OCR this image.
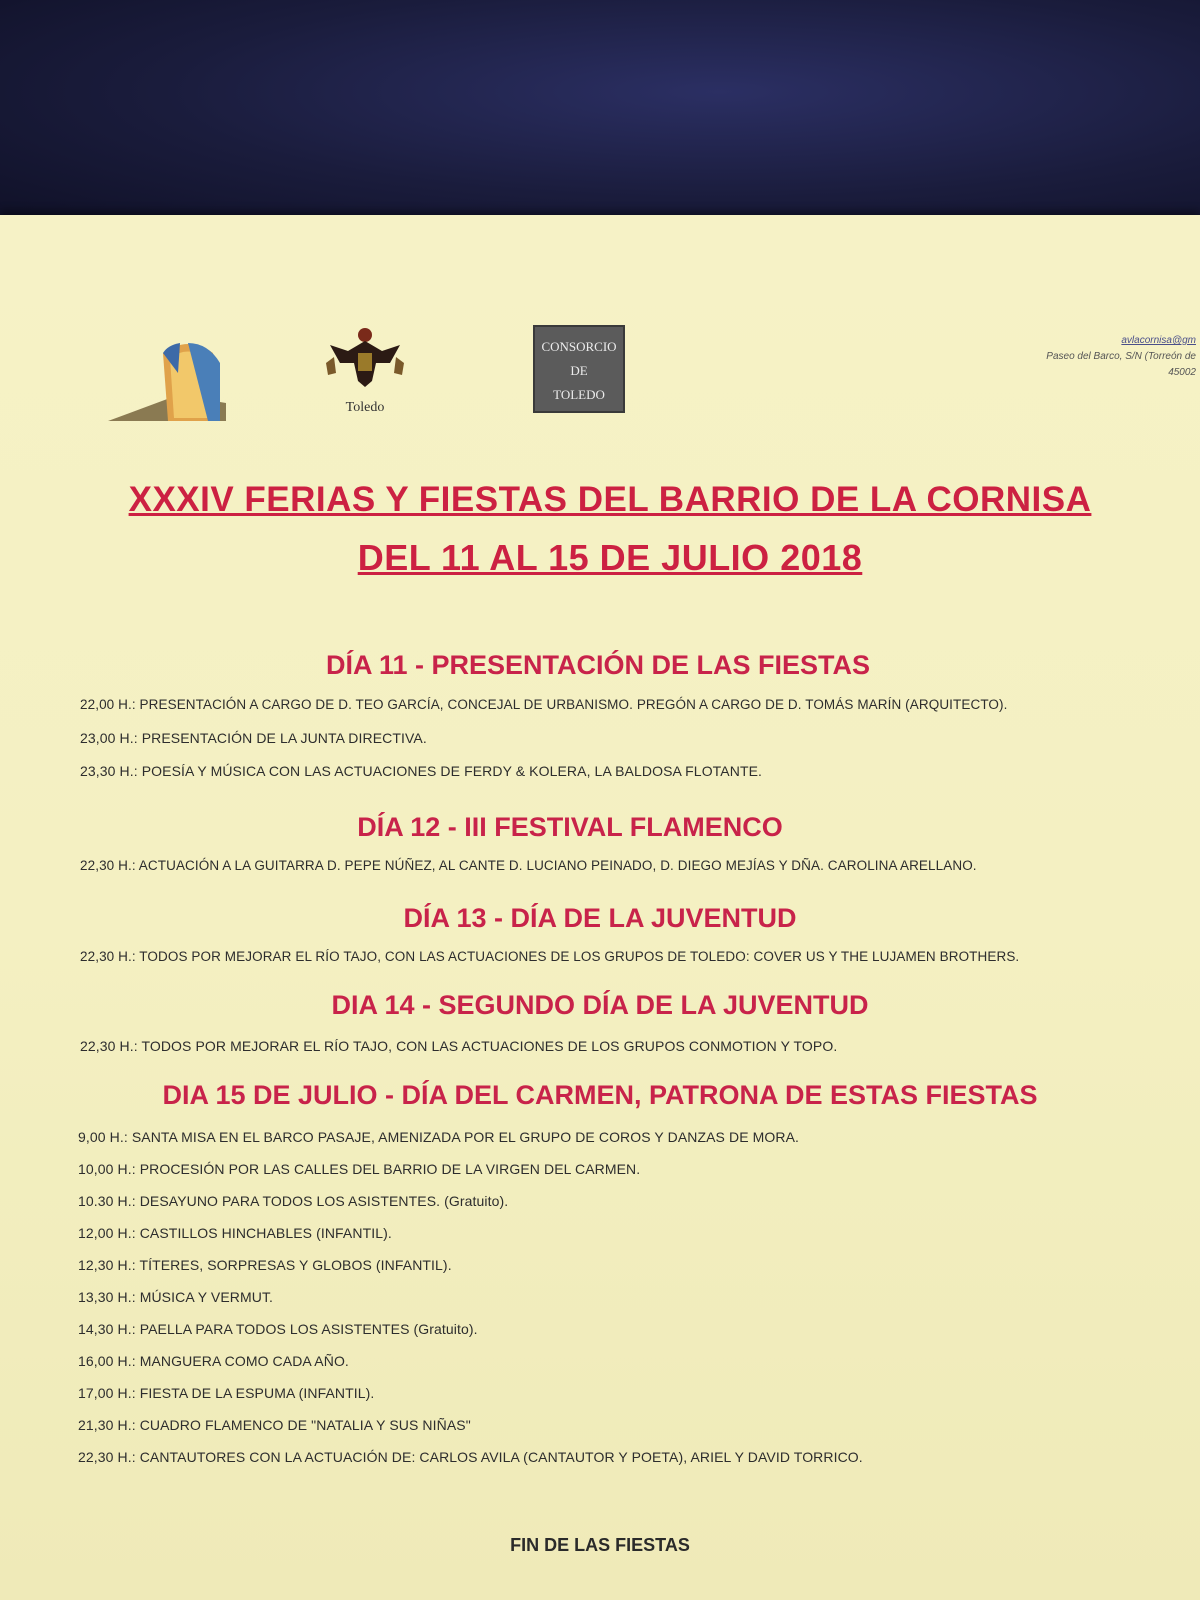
Toledo
CONSORCIO
DE
TOLEDO
avlacornisa@gm
Paseo del Barco, S/N (Torreón de
45002
XXXIV FERIAS Y FIESTAS DEL BARRIO DE LA CORNISA
DEL 11 AL 15 DE JULIO 2018
DÍA 11 - PRESENTACIÓN DE LAS FIESTAS
22,00 H.: PRESENTACIÓN A CARGO DE D. TEO GARCÍA, CONCEJAL DE URBANISMO. PREGÓN A CARGO DE D. TOMÁS MARÍN (ARQUITECTO).
23,00 H.: PRESENTACIÓN DE LA JUNTA DIRECTIVA.
23,30 H.: POESÍA Y MÚSICA CON LAS ACTUACIONES DE FERDY & KOLERA, LA BALDOSA FLOTANTE.
DÍA 12 - III FESTIVAL FLAMENCO
22,30 H.: ACTUACIÓN A LA GUITARRA D. PEPE NÚÑEZ, AL CANTE D. LUCIANO PEINADO, D. DIEGO MEJÍAS Y DÑA. CAROLINA ARELLANO.
DÍA 13 - DÍA DE LA JUVENTUD
22,30 H.: TODOS POR MEJORAR EL RÍO TAJO, CON LAS ACTUACIONES DE LOS GRUPOS DE TOLEDO: COVER US Y THE LUJAMEN BROTHERS.
DIA 14 - SEGUNDO DÍA DE LA JUVENTUD
22,30 H.: TODOS POR MEJORAR EL RÍO TAJO, CON LAS ACTUACIONES DE LOS GRUPOS CONMOTION Y TOPO.
DIA 15 DE JULIO - DÍA DEL CARMEN, PATRONA DE ESTAS FIESTAS
9,00 H.: SANTA MISA EN EL BARCO PASAJE, AMENIZADA POR EL GRUPO DE COROS Y DANZAS DE MORA.
10,00 H.: PROCESIÓN POR LAS CALLES DEL BARRIO DE LA VIRGEN DEL CARMEN.
10.30 H.: DESAYUNO PARA TODOS LOS ASISTENTES. (Gratuito).
12,00 H.: CASTILLOS HINCHABLES (INFANTIL).
12,30 H.: TÍTERES, SORPRESAS Y GLOBOS (INFANTIL).
13,30 H.: MÚSICA Y VERMUT.
14,30 H.: PAELLA PARA TODOS LOS ASISTENTES (Gratuito).
16,00 H.: MANGUERA COMO CADA AÑO.
17,00 H.: FIESTA DE LA ESPUMA (INFANTIL).
21,30 H.: CUADRO FLAMENCO DE "NATALIA Y SUS NIÑAS"
22,30 H.: CANTAUTORES CON LA ACTUACIÓN DE: CARLOS AVILA (CANTAUTOR Y POETA), ARIEL Y DAVID TORRICO.
FIN DE LAS FIESTAS
